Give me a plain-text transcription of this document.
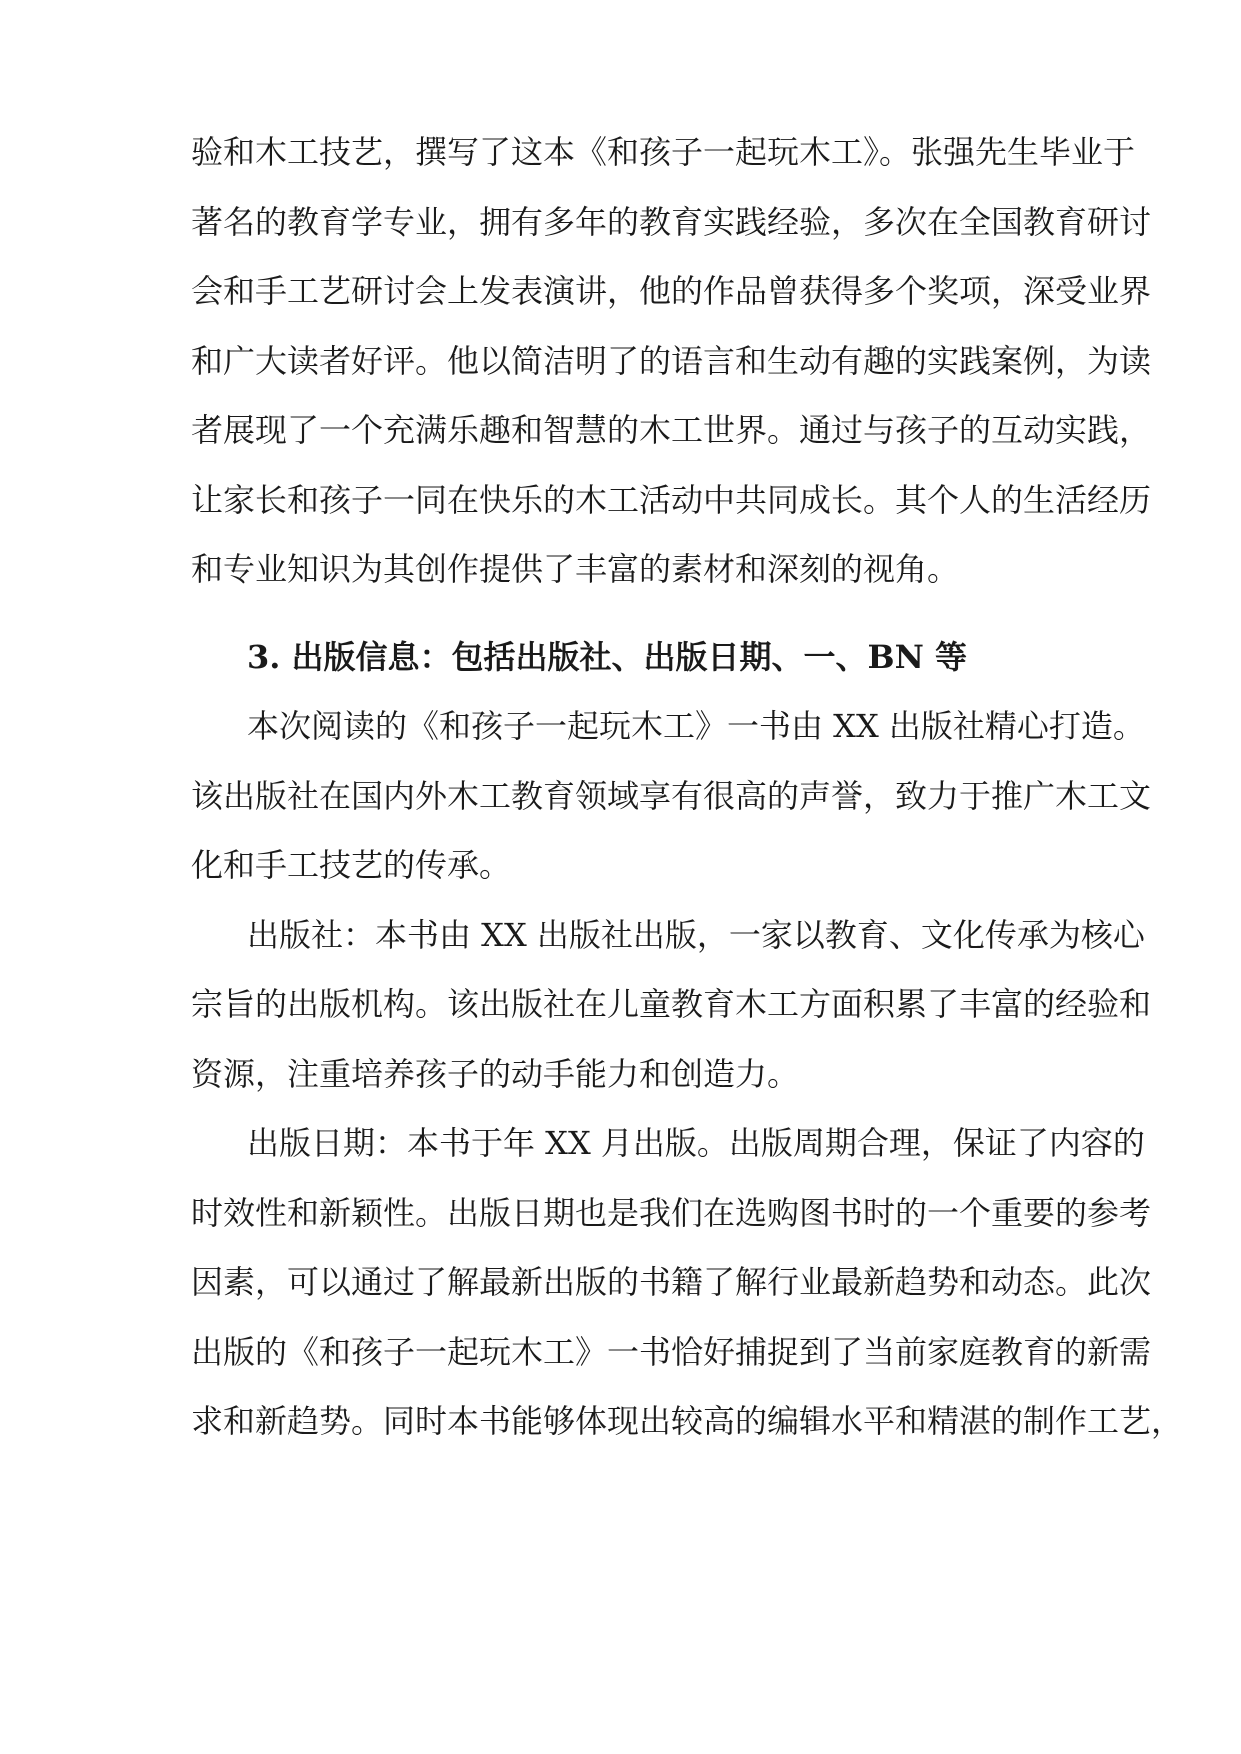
验和木工技艺，撰写了这本《和孩子一起玩木工》。张强先生毕业于
著名的教育学专业，拥有多年的教育实践经验，多次在全国教育研讨
会和手工艺研讨会上发表演讲，他的作品曾获得多个奖项，深受业界
和广大读者好评。他以简洁明了的语言和生动有趣的实践案例，为读
者展现了一个充满乐趣和智慧的木工世界。通过与孩子的互动实践，
让家长和孩子一同在快乐的木工活动中共同成长。其个人的生活经历
和专业知识为其创作提供了丰富的素材和深刻的视角。
3. 出版信息：包括出版社、出版日期、一、BN 等
本次阅读的《和孩子一起玩木工》一书由 XX 出版社精心打造。
该出版社在国内外木工教育领域享有很高的声誉，致力于推广木工文
化和手工技艺的传承。
出版社：本书由 XX 出版社出版，一家以教育、文化传承为核心
宗旨的出版机构。该出版社在儿童教育木工方面积累了丰富的经验和
资源，注重培养孩子的动手能力和创造力。
出版日期：本书于年 XX 月出版。出版周期合理，保证了内容的
时效性和新颖性。出版日期也是我们在选购图书时的一个重要的参考
因素，可以通过了解最新出版的书籍了解行业最新趋势和动态。此次
出版的《和孩子一起玩木工》一书恰好捕捉到了当前家庭教育的新需
求和新趋势。同时本书能够体现出较高的编辑水平和精湛的制作工艺，
